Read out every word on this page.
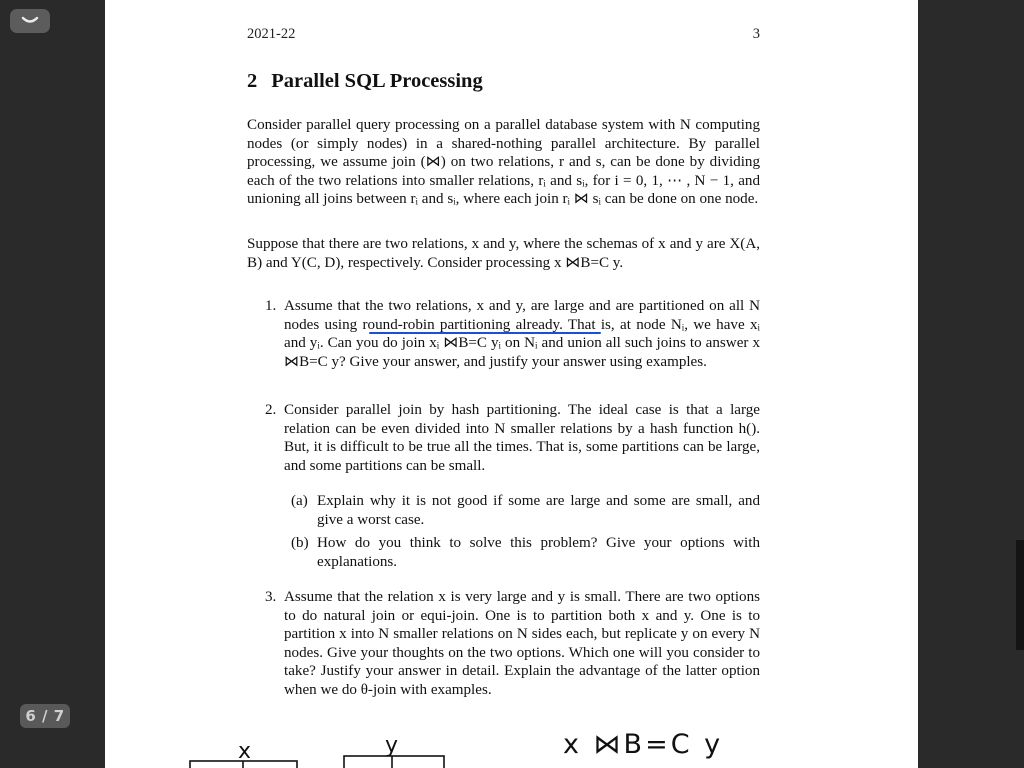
6 / 7
2021-22	3
2 Parallel SQL Processing

Consider parallel query processing on a parallel database system with N computing nodes (or simply nodes) in a shared-nothing parallel architecture. By parallel processing, we assume join (⋈) on two relations, r and s, can be done by dividing each of the two relations into smaller relations, rᵢ and sᵢ, for i = 0, 1, ⋯ , N − 1, and unioning all joins between rᵢ and sᵢ, where each join rᵢ ⋈ sᵢ can be done on one node.

Suppose that there are two relations, x and y, where the schemas of x and y are X(A, B) and Y(C, D), respectively. Consider processing x ⋈B=C y.

1. Assume that the two relations, x and y, are large and are partitioned on all N nodes using round-robin partitioning already. That is, at node Nᵢ, we have xᵢ and yᵢ. Can you do join xᵢ ⋈B=C yᵢ on Nᵢ and union all such joins to answer x ⋈B=C y? Give your answer, and justify your answer using examples.

2. Consider parallel join by hash partitioning. The ideal case is that a large relation can be even divided into N smaller relations by a hash function h(). But, it is difficult to be true all the times. That is, some partitions can be large, and some partitions can be small.

(a) Explain why it is not good if some are large and some are small, and give a worst case.

(b) How do you think to solve this problem? Give your options with explanations.

3. Assume that the relation x is very large and y is small. There are two options to do natural join or equi-join. One is to partition both x and y. One is to partition x into N smaller relations on N sides each, but replicate y on every N nodes. Give your thoughts on the two options. Which one will you consider to take? Justify your answer in detail. Explain the advantage of the latter option when we do θ-join with examples.

x	y	x ⋈B=C y
